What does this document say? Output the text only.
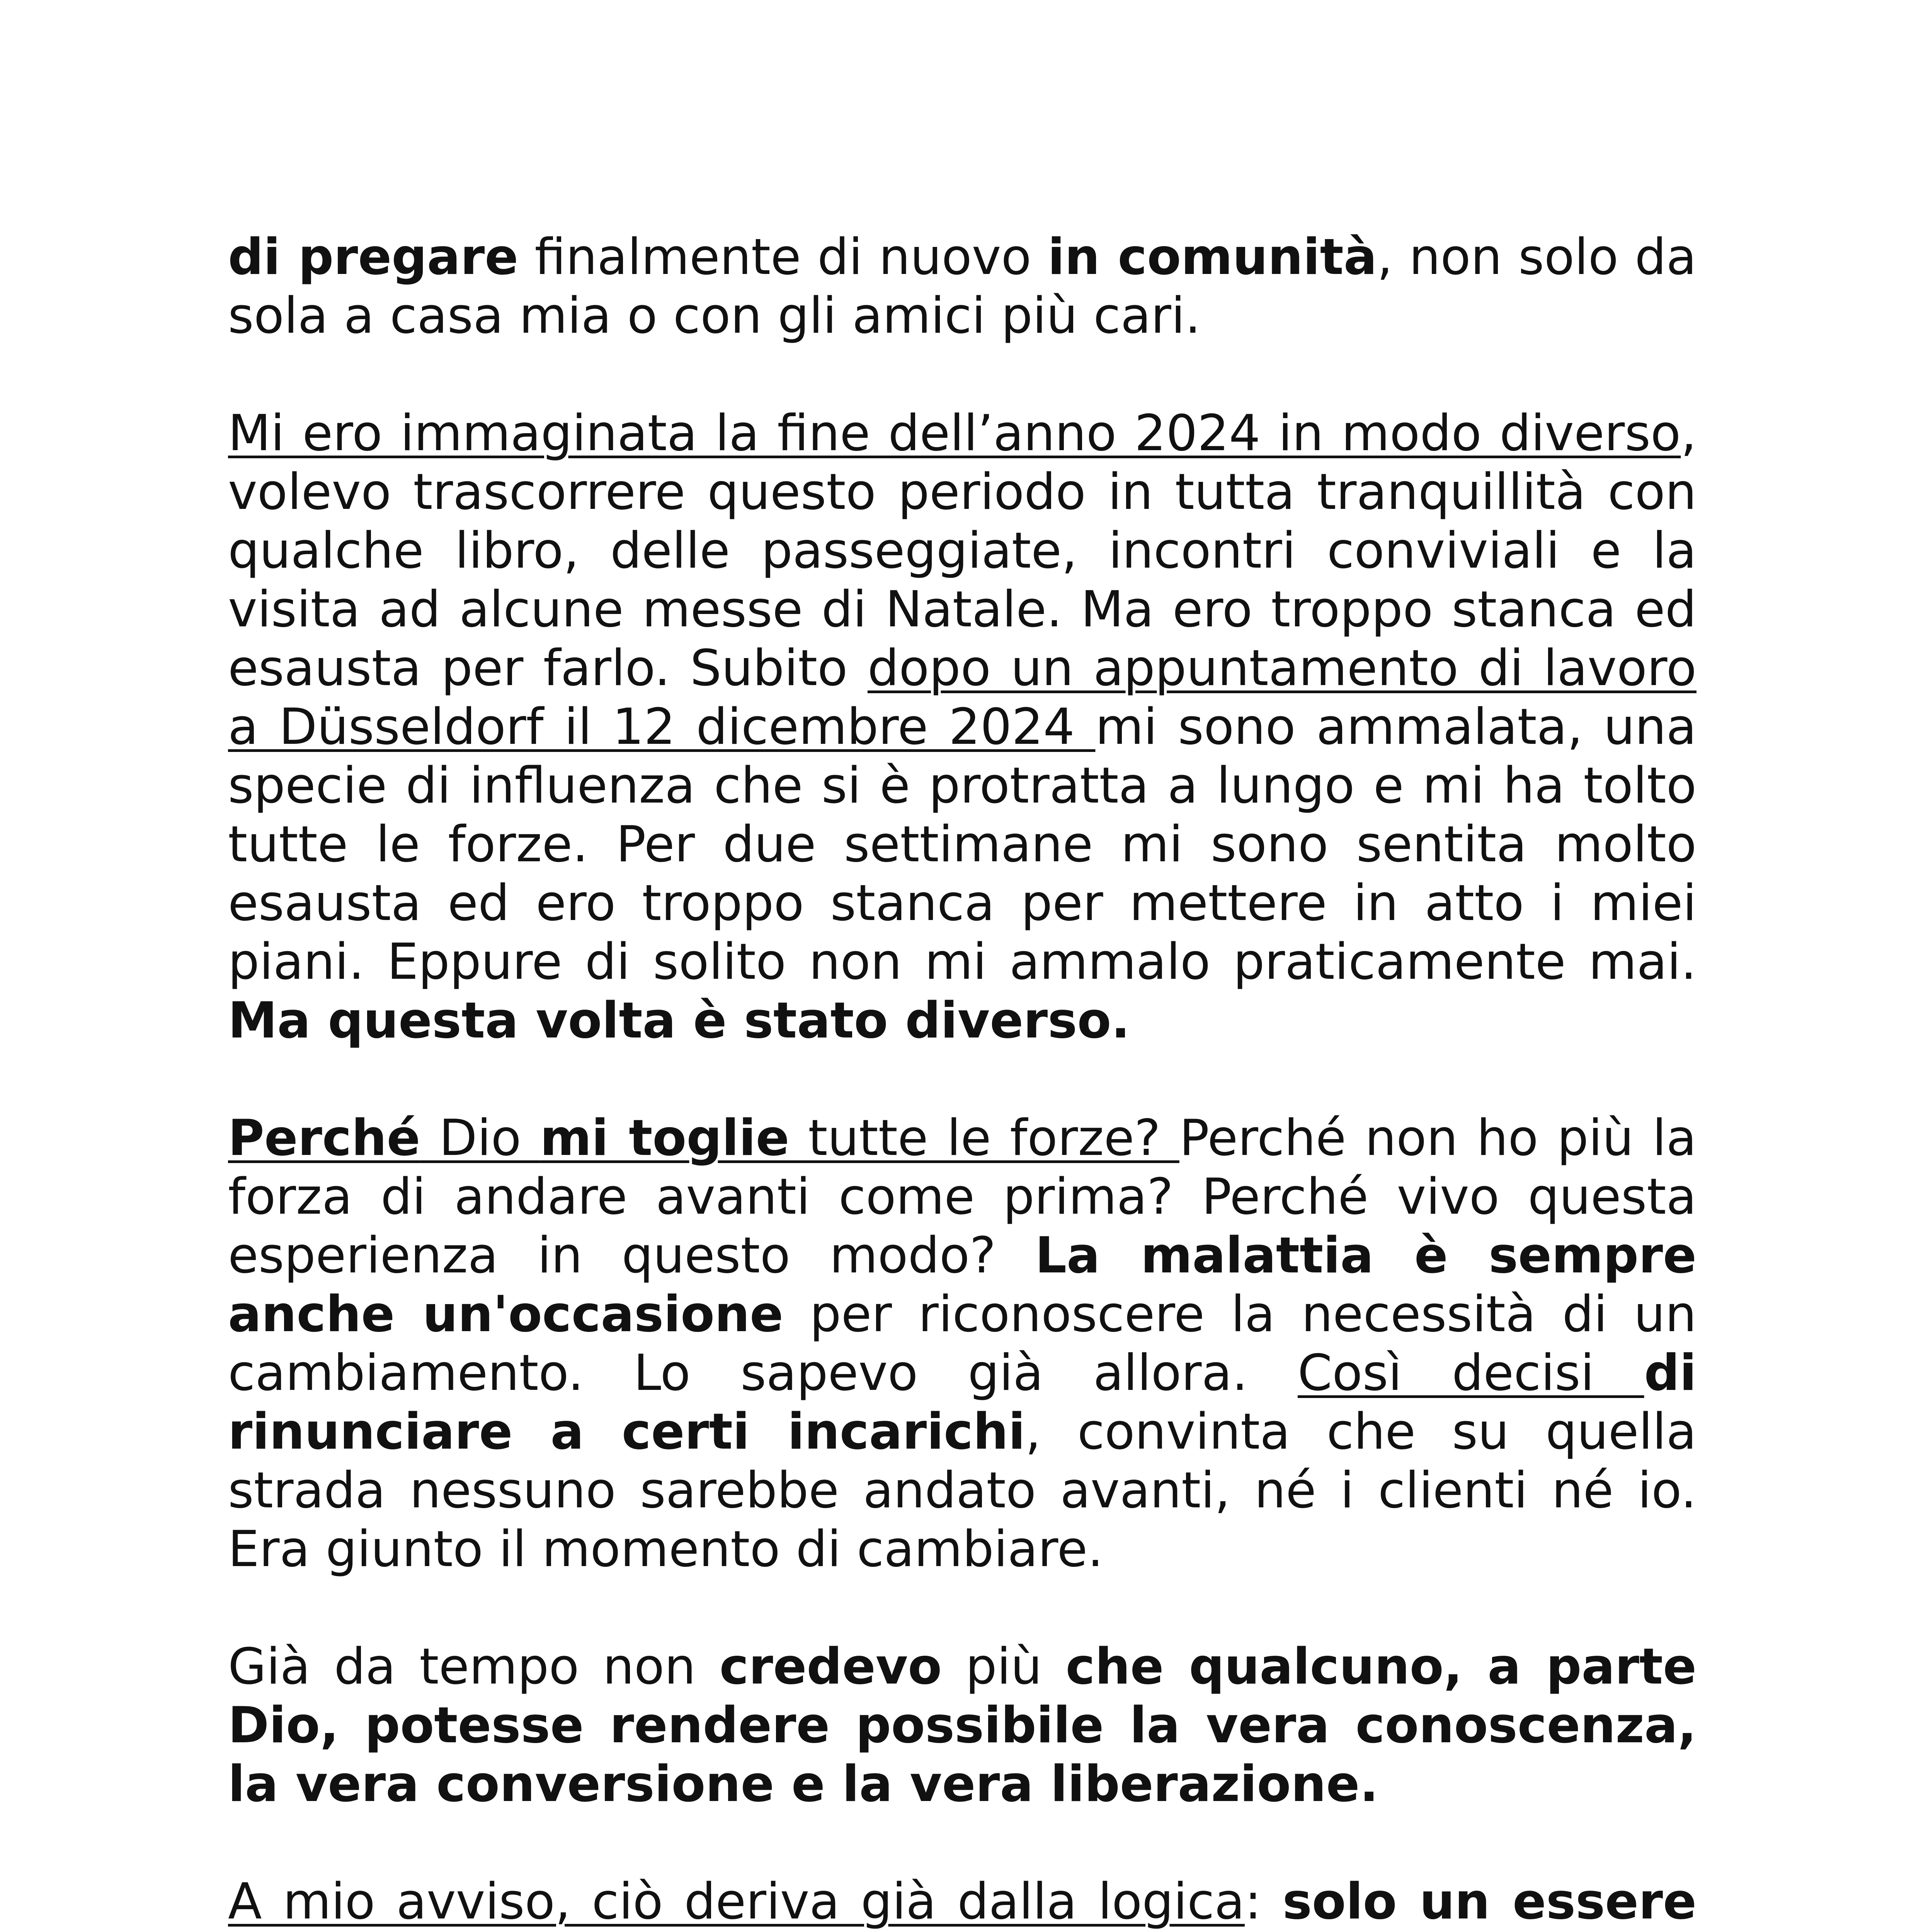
di pregare finalmente di nuovo in comunità, non solo da sola a casa mia o con gli amici più cari.

Mi ero immaginata la fine dell’anno 2024 in modo diverso, volevo trascorrere questo periodo in tutta tranquillità con qualche libro, delle passeggiate, incontri conviviali e la visita ad alcune messe di Natale. Ma ero troppo stanca ed esausta per farlo. Subito dopo un appuntamento di lavoro a Düsseldorf il 12 dicembre 2024 mi sono ammalata, una specie di influenza che si è protratta a lungo e mi ha tolto tutte le forze. Per due settimane mi sono sentita molto esausta ed ero troppo stanca per mettere in atto i miei piani. Eppure di solito non mi ammalo praticamente mai. Ma questa volta è stato diverso.

Perché Dio mi toglie tutte le forze? Perché non ho più la forza di andare avanti come prima? Perché vivo questa esperienza in questo modo? La malattia è sempre anche un'occasione per riconoscere la necessità di un cambiamento. Lo sapevo già allora. Così decisi di rinunciare a certi incarichi, convinta che su quella strada nessuno sarebbe andato avanti, né i clienti né io. Era giunto il momento di cambiare.

Già da tempo non credevo più che qualcuno, a parte Dio, potesse rendere possibile la vera conoscenza, la vera conversione e la vera liberazione.

A mio avviso, ciò deriva già dalla logica: solo un essere
